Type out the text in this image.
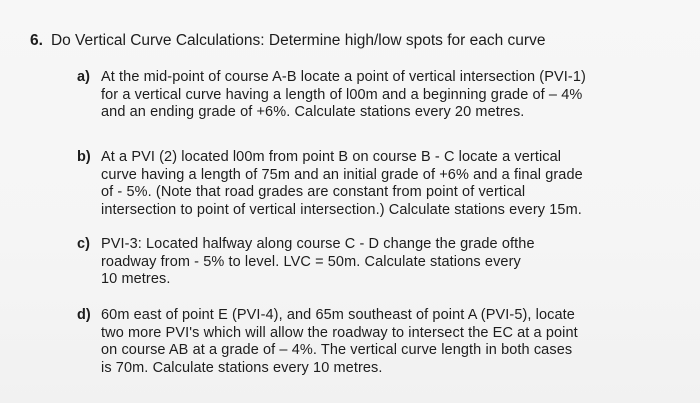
6. Do Vertical Curve Calculations: Determine high/low spots for each curve
a) At the mid-point of course A-B locate a point of vertical intersection (PVI-1)
for a vertical curve having a length of l00m and a beginning grade of – 4%
and an ending grade of +6%. Calculate stations every 20 metres.
b) At a PVI (2) located l00m from point B on course B - C locate a vertical
curve having a length of 75m and an initial grade of +6% and a final grade
of - 5%. (Note that road grades are constant from point of vertical
intersection to point of vertical intersection.) Calculate stations every 15m.
c) PVI-3: Located halfway along course C - D change the grade ofthe
roadway from - 5% to level. LVC = 50m. Calculate stations every
10 metres.
d) 60m east of point E (PVI-4), and 65m southeast of point A (PVI-5), locate
two more PVI's which will allow the roadway to intersect the EC at a point
on course AB at a grade of – 4%. The vertical curve length in both cases
is 70m. Calculate stations every 10 metres.
